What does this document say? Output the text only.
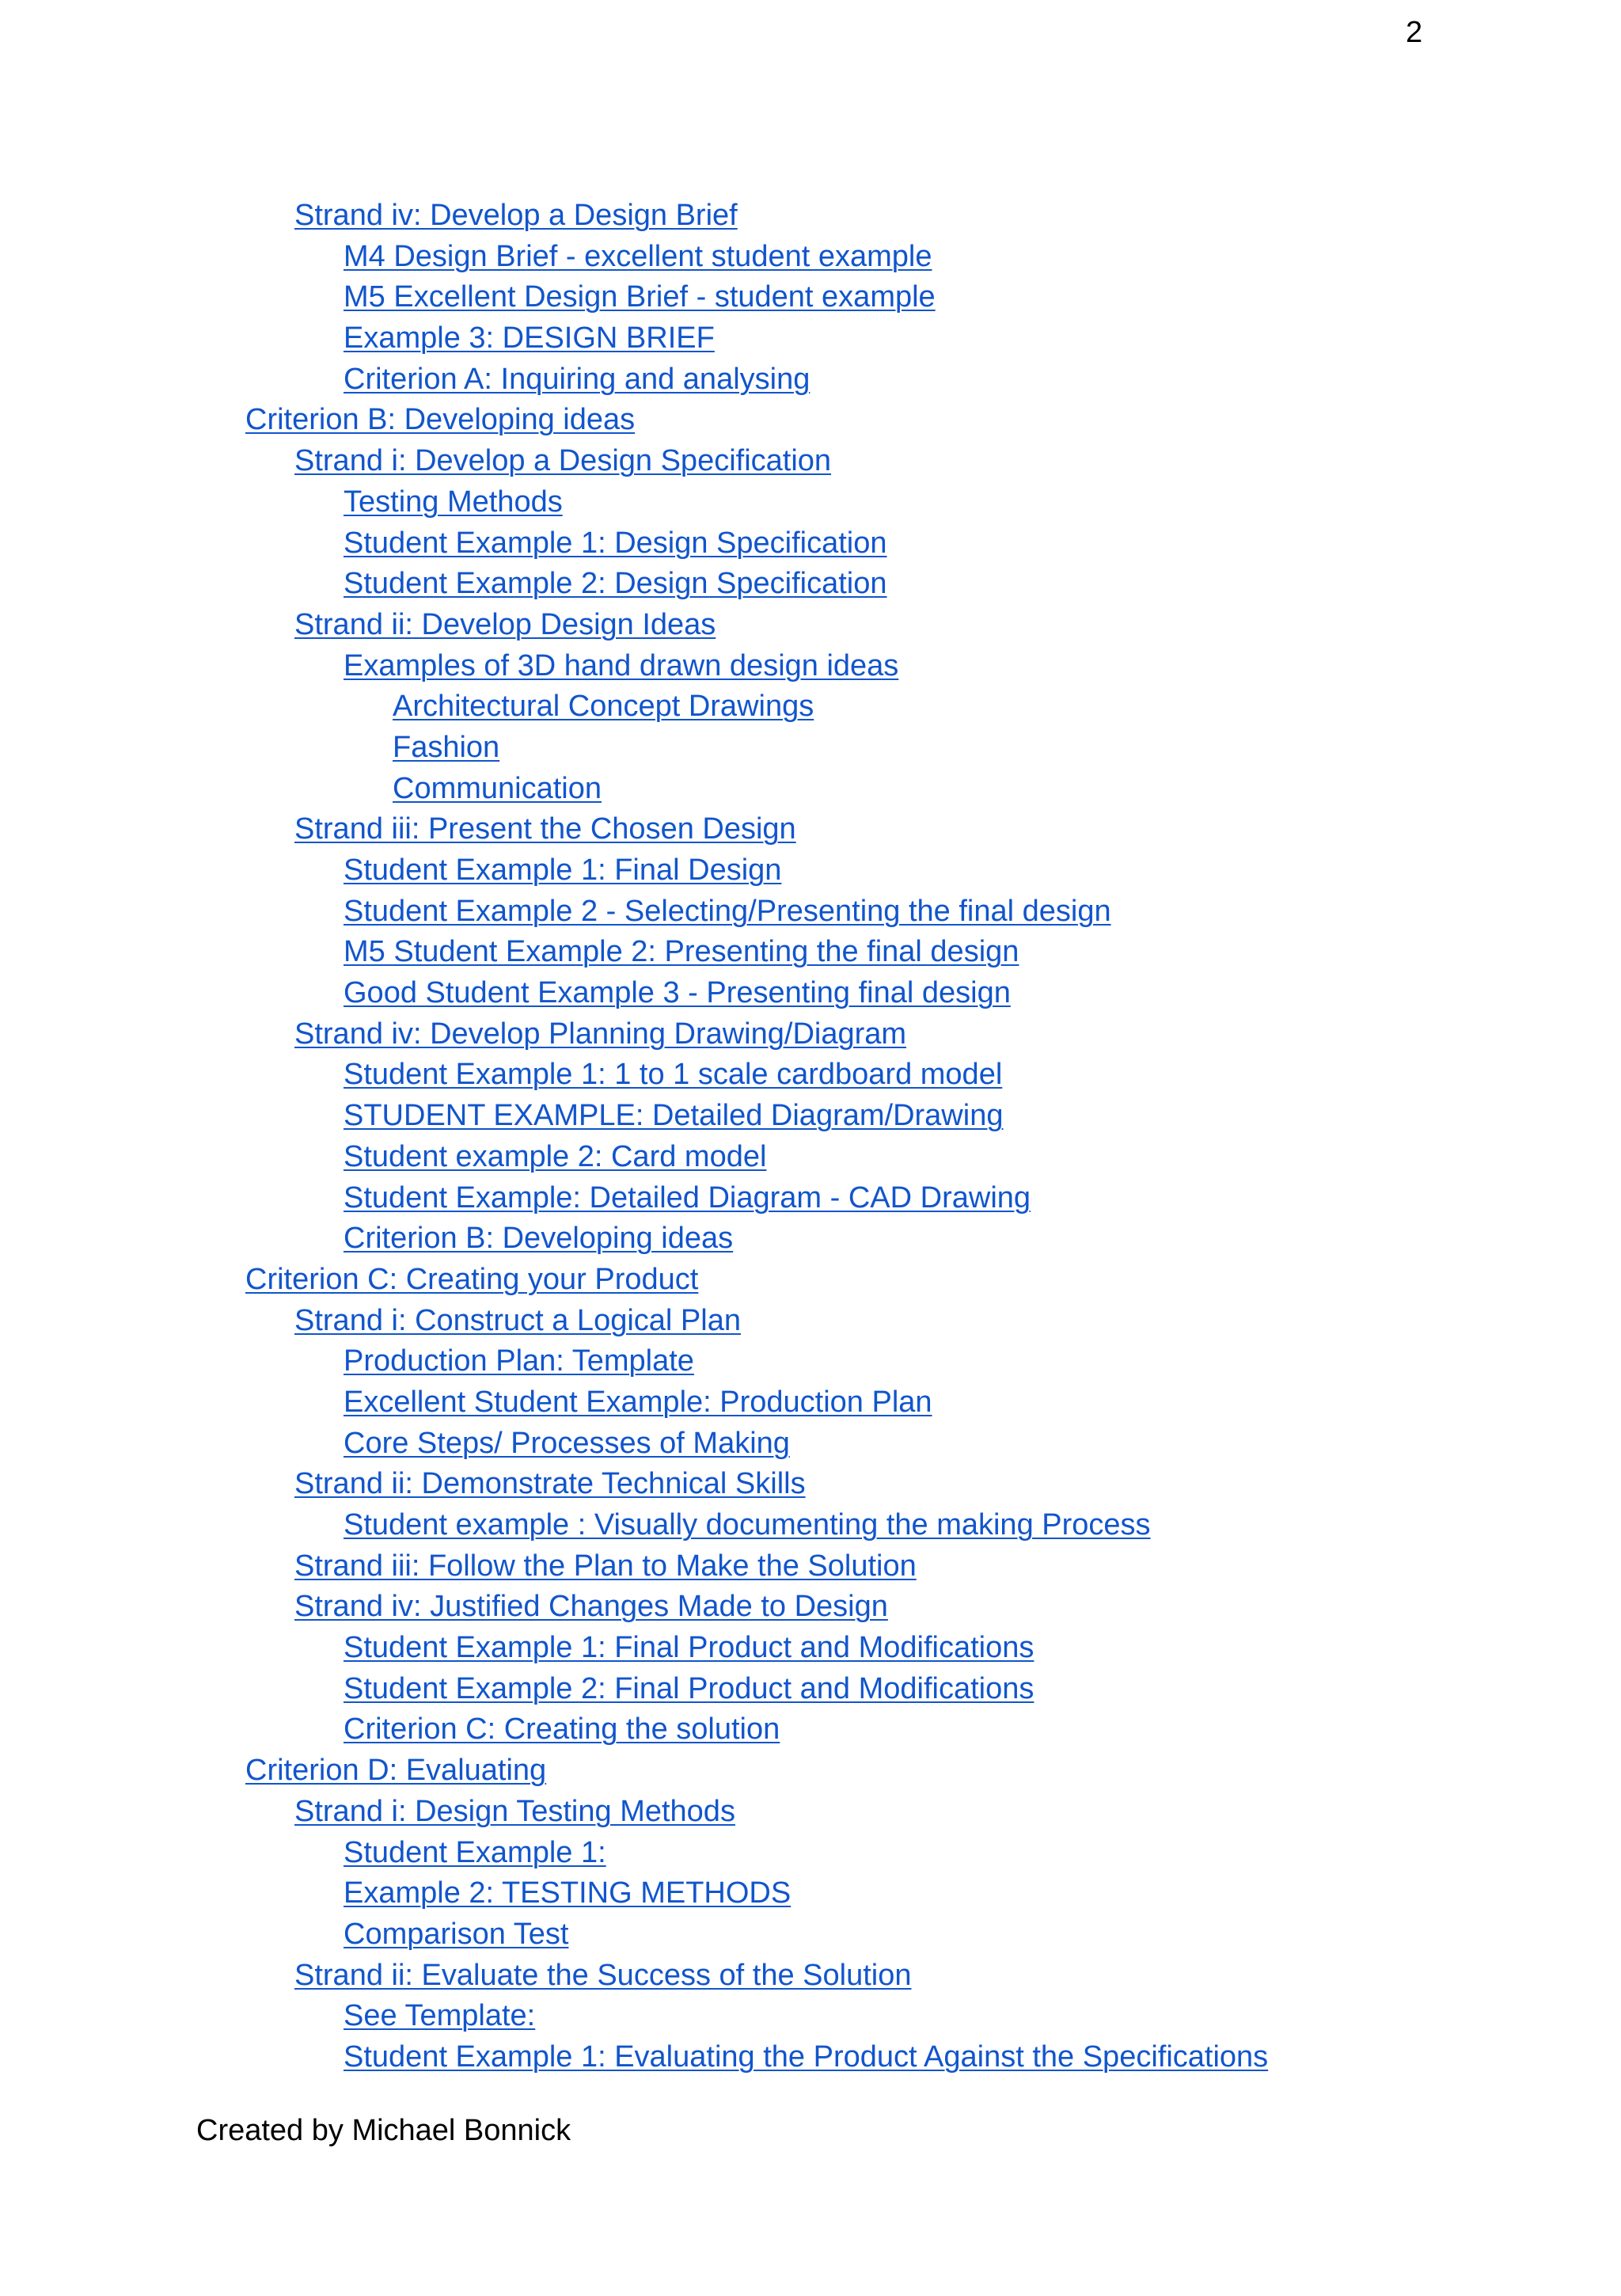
2
Strand iv: Develop a Design Brief
M4 Design Brief - excellent student example
M5 Excellent Design Brief - student example
Example 3: DESIGN BRIEF
Criterion A: Inquiring and analysing
Criterion B: Developing ideas
Strand i: Develop a Design Specification
Testing Methods
Student Example 1: Design Specification
Student Example 2: Design Specification
Strand ii: Develop Design Ideas
Examples of 3D hand drawn design ideas
Architectural Concept Drawings
Fashion
Communication
Strand iii: Present the Chosen Design
Student Example 1: Final Design
Student Example 2 - Selecting/Presenting the final design
M5 Student Example 2: Presenting the final design
Good Student Example 3 - Presenting final design
Strand iv: Develop Planning Drawing/Diagram
Student Example 1: 1 to 1 scale cardboard model
STUDENT EXAMPLE: Detailed Diagram/Drawing
Student example 2: Card model
Student Example: Detailed Diagram - CAD Drawing
Criterion B: Developing ideas
Criterion C: Creating your Product
Strand i: Construct a Logical Plan
Production Plan: Template
Excellent Student Example: Production Plan
Core Steps/ Processes of Making
Strand ii: Demonstrate Technical Skills
Student example : Visually documenting the making Process
Strand iii: Follow the Plan to Make the Solution
Strand iv: Justified Changes Made to Design
Student Example 1: Final Product and Modifications
Student Example 2: Final Product and Modifications
Criterion C: Creating the solution
Criterion D: Evaluating
Strand i: Design Testing Methods
Student Example 1:
Example 2: TESTING METHODS
Comparison Test
Strand ii: Evaluate the Success of the Solution
See Template:
Student Example 1: Evaluating the Product Against the Specifications
Created by Michael Bonnick
